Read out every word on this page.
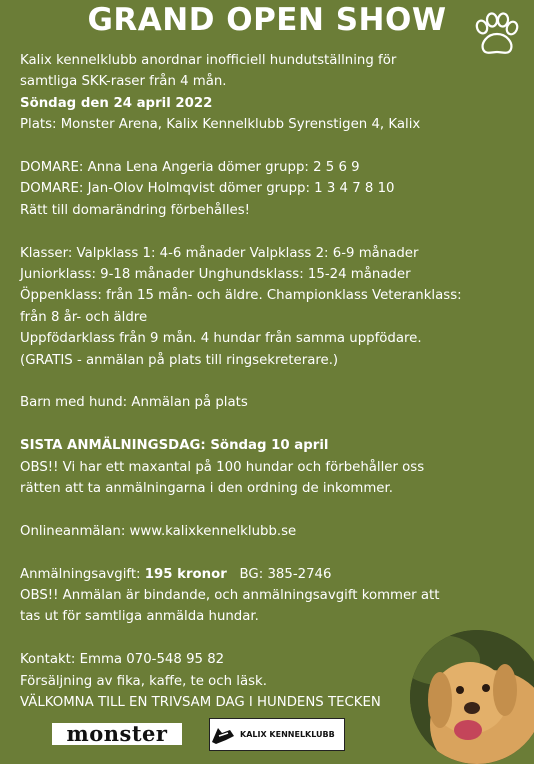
GRAND OPEN SHOW

Kalix kennelklubb anordnar inofficiell hundutställning för

samtliga SKK-raser från 4 mån.

Söndag den 24 april 2022

Plats: Monster Arena, Kalix Kennelklubb Syrenstigen 4, Kalix

DOMARE: Anna Lena Angeria dömer grupp: 2 5 6 9

DOMARE: Jan-Olov Holmqvist dömer grupp: 1 3 4 7 8 10

Rätt till domarändring förbehålles!

Klasser: Valpklass 1: 4-6 månader Valpklass 2: 6-9 månader

Juniorklass: 9-18 månader Unghundsklass: 15-24 månader

Öppenklass: från 15 mån- och äldre. Championklass Veteranklass:

från 8 år- och äldre

Uppfödarklass från 9 mån. 4 hundar från samma uppfödare.

(GRATIS - anmälan på plats till ringsekreterare.)

Barn med hund: Anmälan på plats

SISTA ANMÄLNINGSDAG: Söndag 10 april

OBS!! Vi har ett maxantal på 100 hundar och förbehåller oss

rätten att ta anmälningarna i den ordning de inkommer.

Onlineanmälan: www.kalixkennelklubb.se

Anmälningsavgift: 195 kronor   BG: 385-2746

OBS!! Anmälan är bindande, och anmälningsavgift kommer att

tas ut för samtliga anmälda hundar.

Kontakt: Emma 070-548 95 82

Försäljning av fika, kaffe, te och läsk.

VÄLKOMNA TILL EN TRIVSAM DAG I HUNDENS TECKEN

monster	KALIX KENNELKLUBB
